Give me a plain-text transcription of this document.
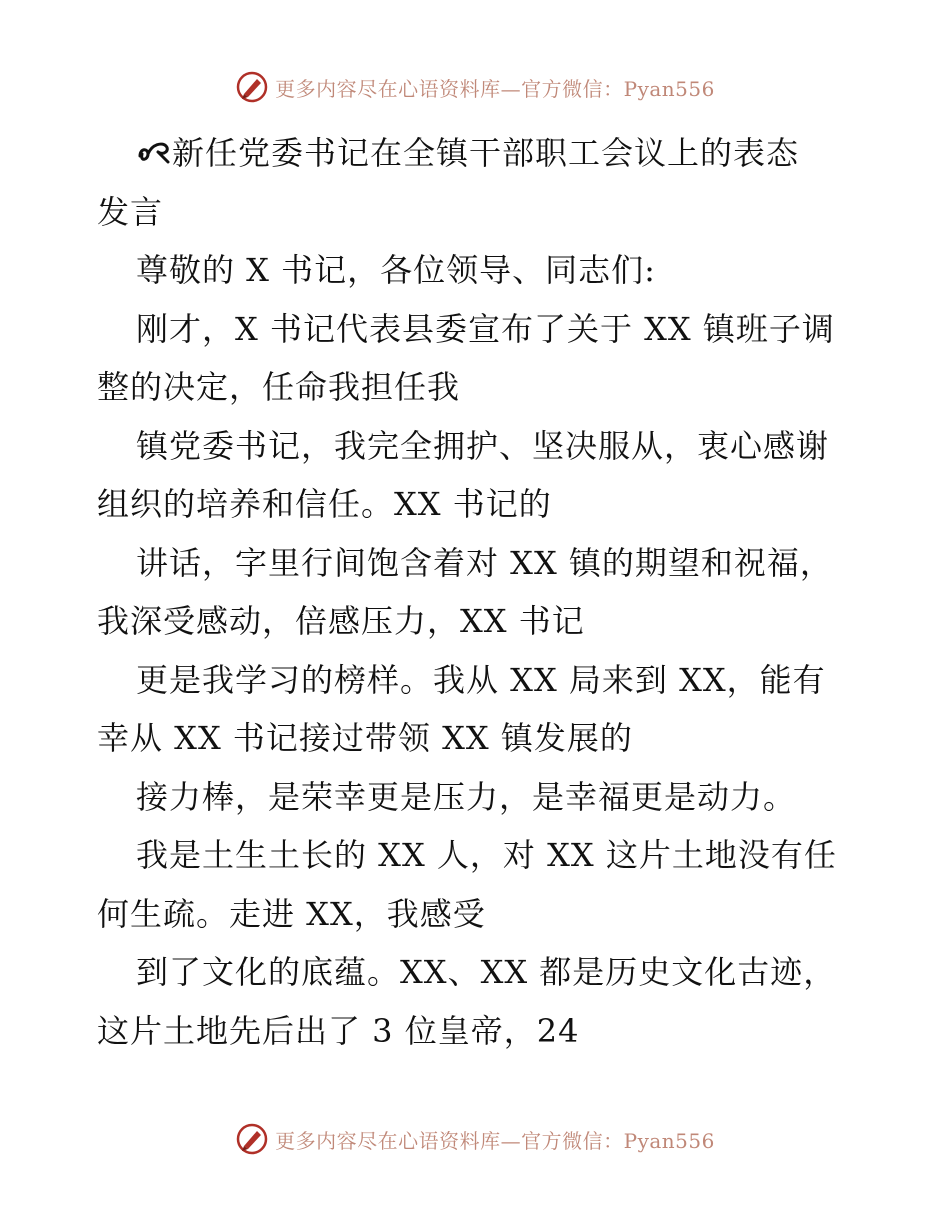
更多内容尽在心语资料库—官方微信：Pyan556
新任党委书记在全镇干部职工会议上的表态
发言
尊敬的 X 书记，各位领导、同志们:
刚才，X 书记代表县委宣布了关于 XX 镇班子调
整的决定，任命我担任我
镇党委书记，我完全拥护、坚决服从，衷心感谢
组织的培养和信任。XX 书记的
讲话，字里行间饱含着对 XX 镇的期望和祝福，
我深受感动，倍感压力，XX 书记
更是我学习的榜样。我从 XX 局来到 XX，能有
幸从 XX 书记接过带领 XX 镇发展的
接力棒，是荣幸更是压力，是幸福更是动力。
我是土生土长的 XX 人，对 XX 这片土地没有任
何生疏。走进 XX，我感受
到了文化的底蕴。XX、XX 都是历史文化古迹，
这片土地先后出了 3 位皇帝，24
更多内容尽在心语资料库—官方微信：Pyan556
